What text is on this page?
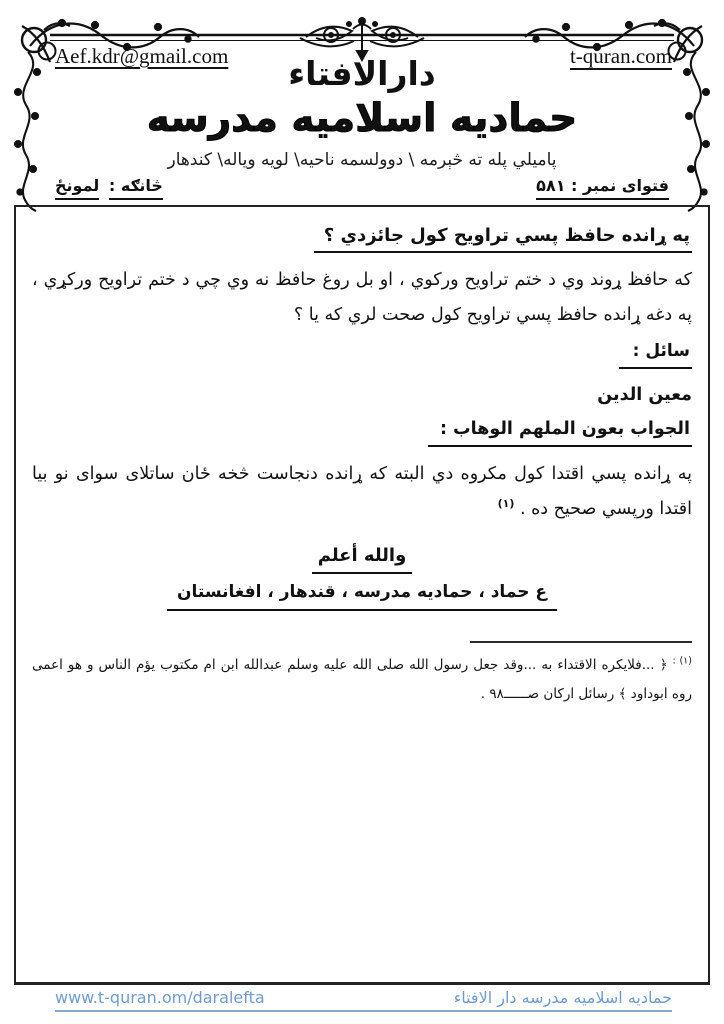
Aef.kdr@gmail.com	t-quran.com
دارالافتاء
حماديه اسلاميه مدرسه
پاميلي پله ته څېرمه \ دوولسمه ناحيه\ لويه وياله\ کندهار
څانګه : لمونځ	فتوای نمبر : ۵۸۱
په ړانده حافظ پسي تراويح کول جائزدي ؟

كه حافظ ړوند وي د ختم تراويح وركوي ، او بل روغ حافظ نه وي چي د ختم تراويح وركړي ، په دغه ړانده حافظ پسي تراويح كول صحت لري كه يا ؟

سائل :
معين الدين
الجواب بعون الملهم الوهاب :

په ړانده پسي اقتدا كول مكروه دي البته كه ړانده دنجاست څخه ځان ساتلای سوای نو بيا اقتدا ورپسي صحيح ده . $^{(١)}$

والله أعلم
ع حماد ، حماديه مدرسه ، قندهار ، افغانستان

$^{(١) :}$ ﴿ ...فلايكره الاقتداء به ...وقد جعل رسول الله صلى الله عليه وسلم عبدالله ابن ام مكتوب يؤم الناس و هو اعمى روه ابوداود ﴾ رسائل اركان صــــــ۹۸ .

www.t-quran.om/daralefta	حماديه اسلاميه مدرسه دار الافتاء
